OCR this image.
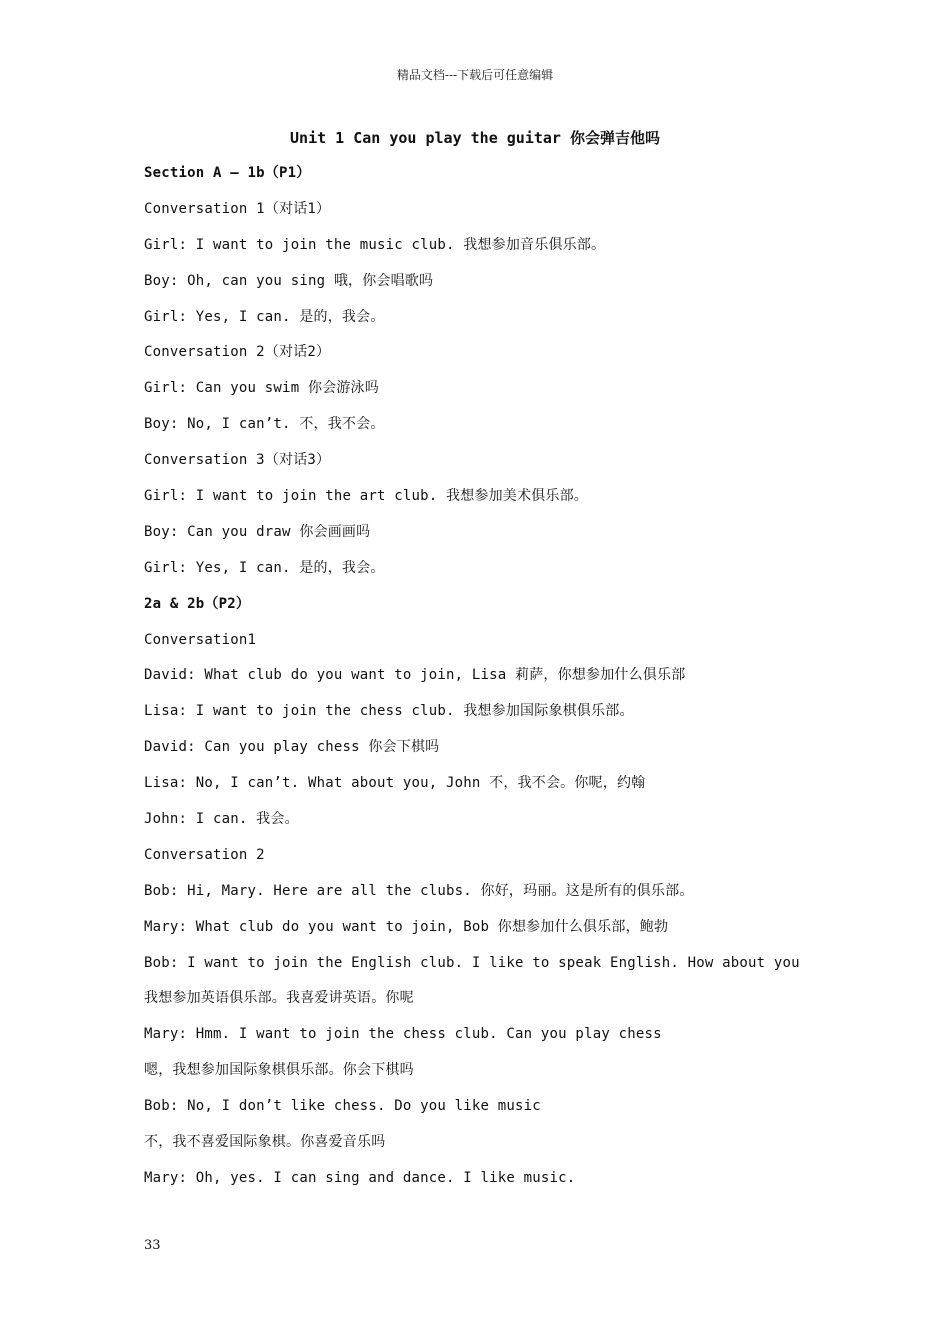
精品文档---下载后可任意编辑
Unit 1 Can you play the guitar 你会弹吉他吗
Section A — 1b（P1）
Conversation 1（对话1）
Girl: I want to join the music club. 我想参加音乐俱乐部。
Boy: Oh, can you sing 哦，你会唱歌吗
Girl: Yes, I can. 是的，我会。
Conversation 2（对话2）
Girl: Can you swim 你会游泳吗
Boy: No, I can’t. 不，我不会。
Conversation 3（对话3）
Girl: I want to join the art club. 我想参加美术俱乐部。
Boy: Can you draw 你会画画吗
Girl: Yes, I can. 是的，我会。
2a & 2b（P2）
Conversation1
David: What club do you want to join, Lisa 莉萨，你想参加什么俱乐部
Lisa: I want to join the chess club. 我想参加国际象棋俱乐部。
David: Can you play chess 你会下棋吗
Lisa: No, I can’t. What about you, John 不，我不会。你呢，约翰
John: I can. 我会。
Conversation 2
Bob: Hi, Mary. Here are all the clubs. 你好，玛丽。这是所有的俱乐部。
Mary: What club do you want to join, Bob 你想参加什么俱乐部，鲍勃
Bob: I want to join the English club. I like to speak English. How about you
我想参加英语俱乐部。我喜爱讲英语。你呢
Mary: Hmm. I want to join the chess club. Can you play chess
嗯，我想参加国际象棋俱乐部。你会下棋吗
Bob: No, I don’t like chess. Do you like music
不，我不喜爱国际象棋。你喜爱音乐吗
Mary: Oh, yes. I can sing and dance. I like music.
33
